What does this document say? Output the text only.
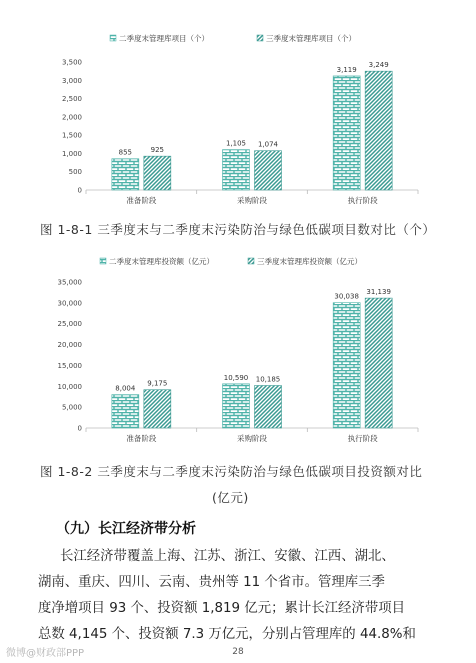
二季度末管理库项目（个）	三季度末管理库项目（个）
0
500
1,000
1,500
2,000
2,500
3,000
3,500
855	925
准备阶段
1,105 1,074
采购阶段
3,119
3,249
执行阶段
图 1-8-1 三季度末与二季度末污染防治与绿色低碳项目数对比（个）
二季度末管理库投资额（亿元）	三季度末管理库投资额（亿元）
0
5,000
10,000
15,000
20,000
25,000
30,000
35,000
8,004
9,175
准备阶段
10,590 10,185
采购阶段
30,038
31,139
执行阶段
图 1-8-2 三季度末与二季度末污染防治与绿色低碳项目投资额对比
(亿元)
（九）长江经济带分析
长江经济带覆盖上海、江苏、浙江、安徽、江西、湖北、
湖南、重庆、四川、云南、贵州等 11 个省市。管理库三季
度净增项目 93 个、投资额 1,819 亿元；累计长江经济带项目
总数 4,145 个、投资额 7.3 万亿元，分别占管理库的 44.8%和
微博@财政部PPP	28
